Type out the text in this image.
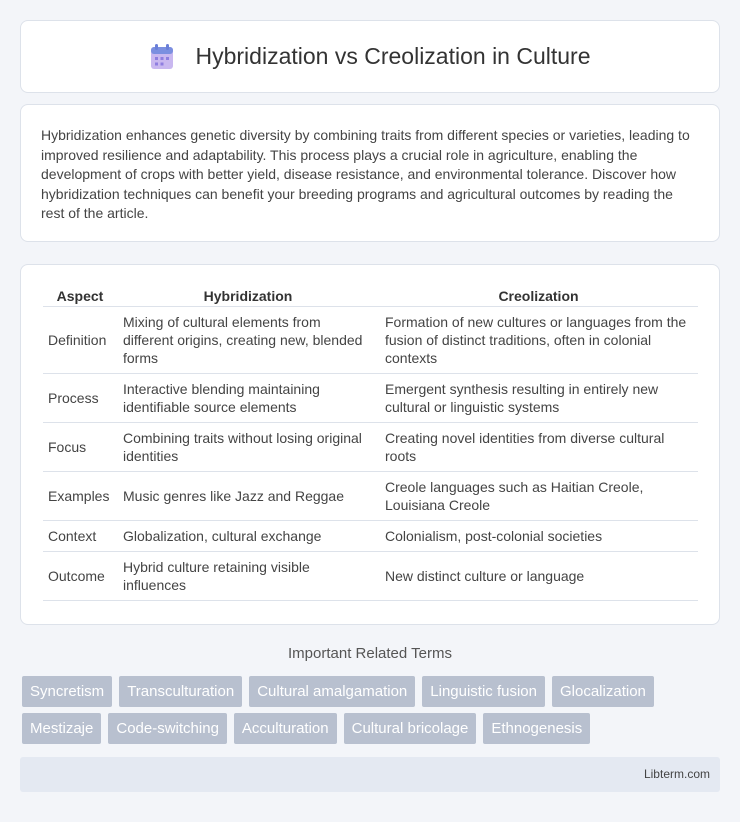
Hybridization vs Creolization in Culture

Hybridization enhances genetic diversity by combining traits from different species or varieties, leading to improved resilience and adaptability. This process plays a crucial role in agriculture, enabling the development of crops with better yield, disease resistance, and environmental tolerance. Discover how hybridization techniques can benefit your breeding programs and agricultural outcomes by reading the rest of the article.

Aspect	Hybridization	Creolization
Definition	Mixing of cultural elements from different origins, creating new, blended forms	Formation of new cultures or languages from the fusion of distinct traditions, often in colonial contexts
Process	Interactive blending maintaining identifiable source elements	Emergent synthesis resulting in entirely new cultural or linguistic systems
Focus	Combining traits without losing original identities	Creating novel identities from diverse cultural roots
Examples	Music genres like Jazz and Reggae	Creole languages such as Haitian Creole, Louisiana Creole
Context	Globalization, cultural exchange	Colonialism, post-colonial societies
Outcome	Hybrid culture retaining visible influences	New distinct culture or language
Important Related Terms
Syncretism	Transculturation	Cultural amalgamation	Linguistic fusion	Glocalization
Mestizaje	Code-switching	Acculturation	Cultural bricolage	Ethnogenesis
Libterm.com
